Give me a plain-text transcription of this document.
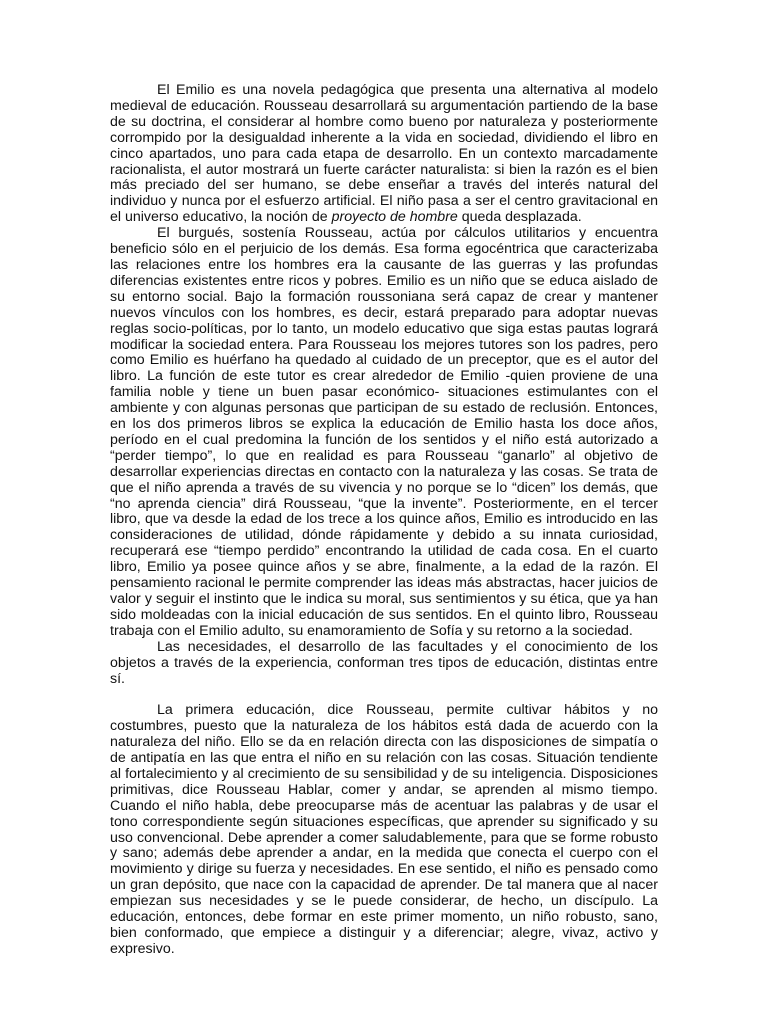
El Emilio es una novela pedagógica que presenta una alternativa al modelo medieval de educación. Rousseau desarrollará su argumentación partiendo de la base de su doctrina, el considerar al hombre como bueno por naturaleza y posteriormente corrompido por la desigualdad inherente a la vida en sociedad, dividiendo el libro en cinco apartados, uno para cada etapa de desarrollo. En un contexto marcadamente racionalista, el autor mostrará un fuerte carácter naturalista: si bien la razón es el bien más preciado del ser humano, se debe enseñar a través del interés natural del individuo y nunca por el esfuerzo artificial. El niño pasa a ser el centro gravitacional en el universo educativo, la noción de proyecto de hombre queda desplazada.

El burgués, sostenía Rousseau, actúa por cálculos utilitarios y encuentra beneficio sólo en el perjuicio de los demás. Esa forma egocéntrica que caracterizaba las relaciones entre los hombres era la causante de las guerras y las profundas diferencias existentes entre ricos y pobres. Emilio es un niño que se educa aislado de su entorno social. Bajo la formación roussoniana será capaz de crear y mantener nuevos vínculos con los hombres, es decir, estará preparado para adoptar nuevas reglas socio-políticas, por lo tanto, un modelo educativo que siga estas pautas logrará modificar la sociedad entera. Para Rousseau los mejores tutores son los padres, pero como Emilio es huérfano ha quedado al cuidado de un preceptor, que es el autor del libro. La función de este tutor es crear alrededor de Emilio -quien proviene de una familia noble y tiene un buen pasar económico- situaciones estimulantes con el ambiente y con algunas personas que participan de su estado de reclusión. Entonces, en los dos primeros libros se explica la educación de Emilio hasta los doce años, período en el cual predomina la función de los sentidos y el niño está autorizado a “perder tiempo”, lo que en realidad es para Rousseau “ganarlo” al objetivo de desarrollar experiencias directas en contacto con la naturaleza y las cosas. Se trata de que el niño aprenda a través de su vivencia y no porque se lo “dicen” los demás, que “no aprenda ciencia” dirá Rousseau, “que la invente”. Posteriormente, en el tercer libro, que va desde la edad de los trece a los quince años, Emilio es introducido en las consideraciones de utilidad, dónde rápidamente y debido a su innata curiosidad, recuperará ese “tiempo perdido” encontrando la utilidad de cada cosa. En el cuarto libro, Emilio ya posee quince años y se abre, finalmente, a la edad de la razón. El pensamiento racional le permite comprender las ideas más abstractas, hacer juicios de valor y seguir el instinto que le indica su moral, sus sentimientos y su ética, que ya han sido moldeadas con la inicial educación de sus sentidos. En el quinto libro, Rousseau trabaja con el Emilio adulto, su enamoramiento de Sofía y su retorno a la sociedad.

Las necesidades, el desarrollo de las facultades y el conocimiento de los objetos a través de la experiencia, conforman tres tipos de educación, distintas entre sí.

La primera educación, dice Rousseau, permite cultivar hábitos y no costumbres, puesto que la naturaleza de los hábitos está dada de acuerdo con la naturaleza del niño. Ello se da en relación directa con las disposiciones de simpatía o de antipatía en las que entra el niño en su relación con las cosas. Situación tendiente al fortalecimiento y al crecimiento de su sensibilidad y de su inteligencia. Disposiciones primitivas, dice Rousseau Hablar, comer y andar, se aprenden al mismo tiempo. Cuando el niño habla, debe preocuparse más de acentuar las palabras y de usar el tono correspondiente según situaciones específicas, que aprender su significado y su uso convencional. Debe aprender a comer saludablemente, para que se forme robusto y sano; además debe aprender a andar, en la medida que conecta el cuerpo con el movimiento y dirige su fuerza y necesidades. En ese sentido, el niño es pensado como un gran depósito, que nace con la capacidad de aprender. De tal manera que al nacer empiezan sus necesidades y se le puede considerar, de hecho, un discípulo. La educación, entonces, debe formar en este primer momento, un niño robusto, sano, bien conformado, que empiece a distinguir y a diferenciar; alegre, vivaz, activo y expresivo.
